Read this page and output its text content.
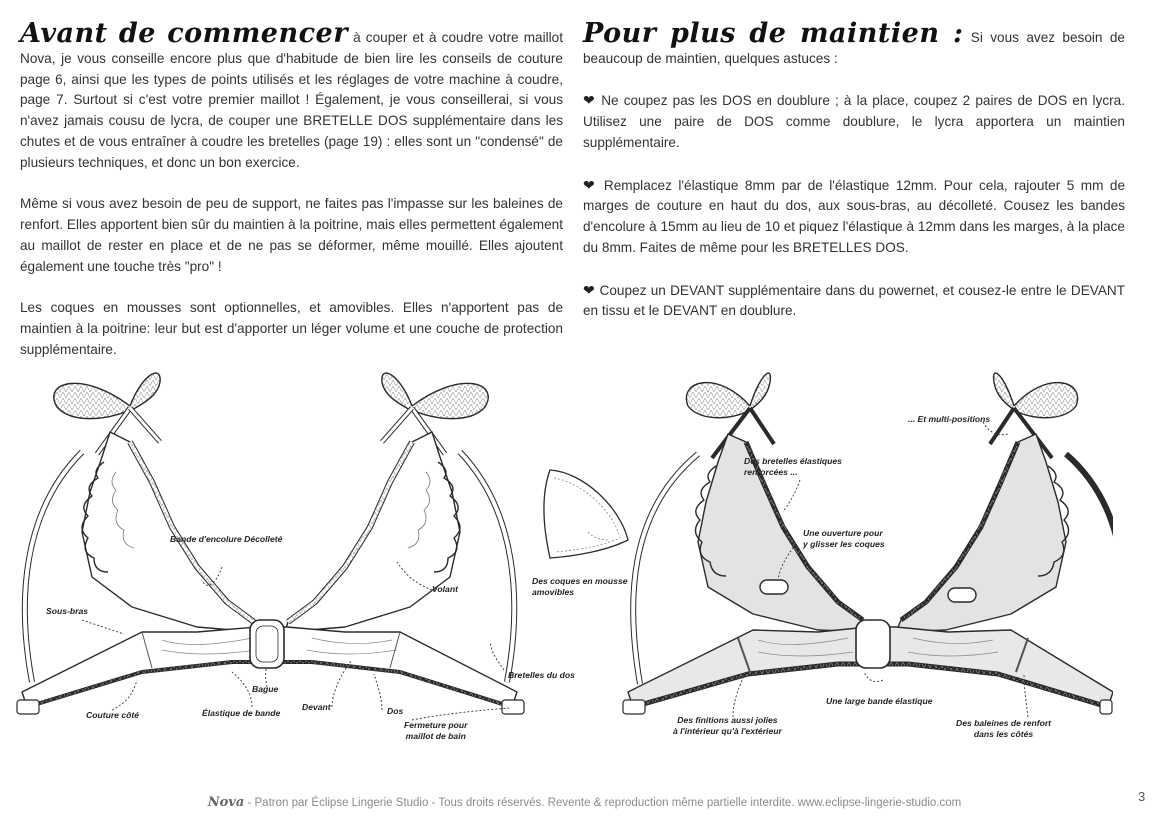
Avant de commencer à couper et à coudre votre maillot Nova, je vous conseille encore plus que d'habitude de bien lire les conseils de couture page 6, ainsi que les types de points utilisés et les réglages de votre machine à coudre, page 7. Surtout si c'est votre premier maillot ! Également, je vous conseillerai, si vous n'avez jamais cousu de lycra, de couper une BRETELLE DOS supplémentaire dans les chutes et de vous entraîner à coudre les bretelles (page 19) : elles sont un "condensé" de plusieurs techniques, et donc un bon exercice.

Même si vous avez besoin de peu de support, ne faites pas l'impasse sur les baleines de renfort. Elles apportent bien sûr du maintien à la poitrine, mais elles permettent également au maillot de rester en place et de ne pas se déformer, même mouillé. Elles ajoutent également une touche très "pro" !

Les coques en mousses sont optionnelles, et amovibles. Elles n'apportent pas de maintien à la poitrine: leur but est d'apporter un léger volume et une couche de protection supplémentaire.

Pour plus de maintien : Si vous avez besoin de beaucoup de maintien, quelques astuces :

❤ Ne coupez pas les DOS en doublure ; à la place, coupez 2 paires de DOS en lycra. Utilisez une paire de DOS comme doublure, le lycra apportera un maintien supplémentaire.

❤ Remplacez l'élastique 8mm par de l'élastique 12mm. Pour cela, rajouter 5 mm de marges de couture en haut du dos, aux sous-bras, au décolleté. Cousez les bandes d'encolure à 15mm au lieu de 10 et piquez l'élastique à 12mm dans les marges, à la place du 8mm. Faites de même pour les BRETELLES DOS.

❤ Coupez un DEVANT supplémentaire dans du powernet, et cousez-le entre le DEVANT en tissu et le DEVANT en doublure.

Bande d'encolure Décolleté
Sous-bras
Volant
Bague
Couture côté	Élastique de bande
Devant	Dos
Bretelles du dos
Fermeture pour
maillot de bain
Des coques en mousse
amovibles
... Et multi-positions
Des bretelles élastiques
renforcées ...
Une ouverture pour
y glisser les coques
Une large bande élastique
Des finitions aussi jolies
à l'intérieur qu'à l'extérieur
Des baleines de renfort
dans les côtés
Nova - Patron par Éclipse Lingerie Studio - Tous droits réservés. Revente & reproduction même partielle interdite. www.eclipse-lingerie-studio.com	3
